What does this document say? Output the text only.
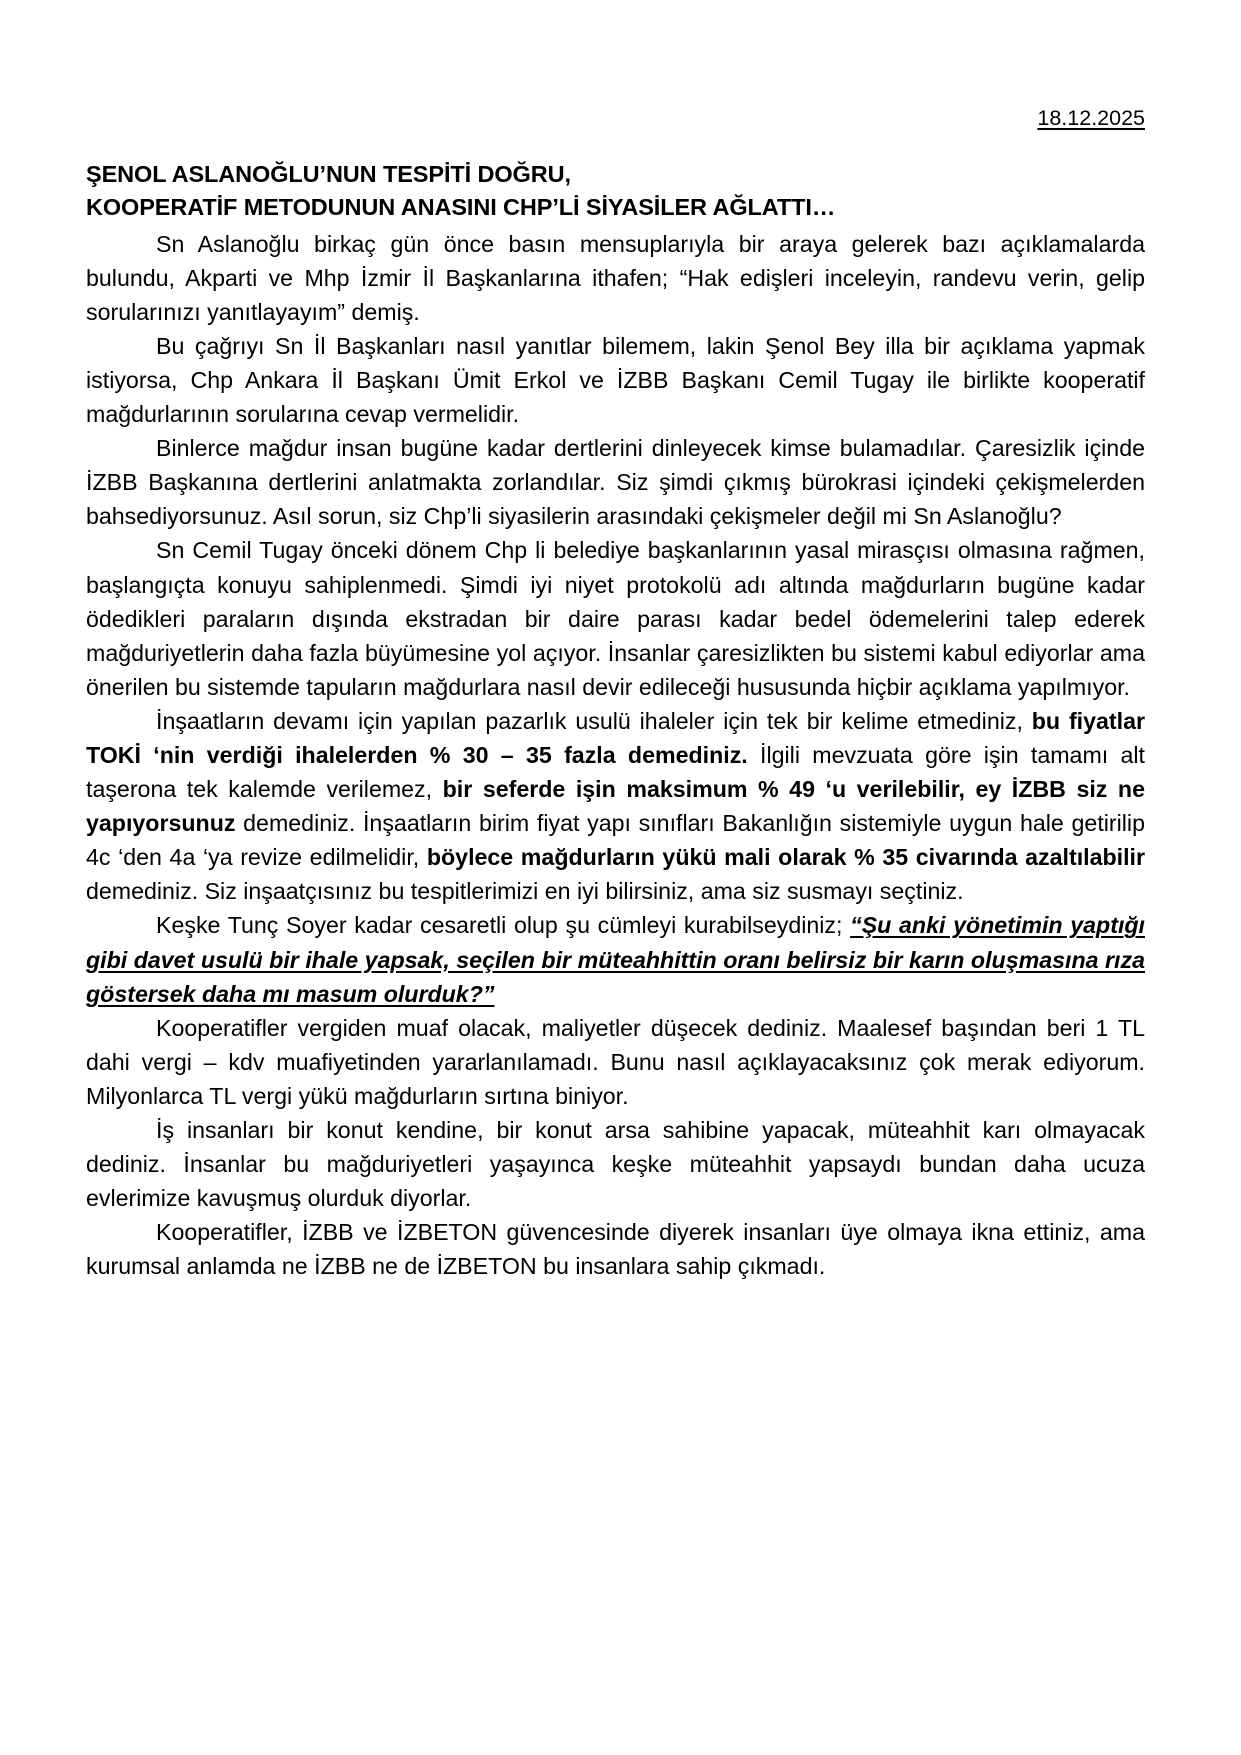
18.12.2025
ŞENOL ASLANOĞLU’NUN TESPİTİ DOĞRU,
KOOPERATİF METODUNUN ANASINI CHP’Lİ SİYASİLER AĞLATTI…

Sn Aslanoğlu birkaç gün önce basın mensuplarıyla bir araya gelerek bazı açıklamalarda bulundu, Akparti ve Mhp İzmir İl Başkanlarına ithafen; “Hak edişleri inceleyin, randevu verin, gelip sorularınızı yanıtlayayım” demiş.

Bu çağrıyı Sn İl Başkanları nasıl yanıtlar bilemem, lakin Şenol Bey illa bir açıklama yapmak istiyorsa, Chp Ankara İl Başkanı Ümit Erkol ve İZBB Başkanı Cemil Tugay ile birlikte kooperatif mağdurlarının sorularına cevap vermelidir.

Binlerce mağdur insan bugüne kadar dertlerini dinleyecek kimse bulamadılar. Çaresizlik içinde İZBB Başkanına dertlerini anlatmakta zorlandılar. Siz şimdi çıkmış bürokrasi içindeki çekişmelerden bahsediyorsunuz. Asıl sorun, siz Chp’li siyasilerin arasındaki çekişmeler değil mi Sn Aslanoğlu?

Sn Cemil Tugay önceki dönem Chp li belediye başkanlarının yasal mirasçısı olmasına rağmen, başlangıçta konuyu sahiplenmedi. Şimdi iyi niyet protokolü adı altında mağdurların bugüne kadar ödedikleri paraların dışında ekstradan bir daire parası kadar bedel ödemelerini talep ederek mağduriyetlerin daha fazla büyümesine yol açıyor. İnsanlar çaresizlikten bu sistemi kabul ediyorlar ama önerilen bu sistemde tapuların mağdurlara nasıl devir edileceği hususunda hiçbir açıklama yapılmıyor.

İnşaatların devamı için yapılan pazarlık usulü ihaleler için tek bir kelime etmediniz, bu fiyatlar TOKİ ‘nin verdiği ihalelerden % 30 – 35 fazla demediniz. İlgili mevzuata göre işin tamamı alt taşerona tek kalemde verilemez, bir seferde işin maksimum % 49 ‘u verilebilir, ey İZBB siz ne yapıyorsunuz demediniz. İnşaatların birim fiyat yapı sınıfları Bakanlığın sistemiyle uygun hale getirilip 4c ‘den 4a ‘ya revize edilmelidir, böylece mağdurların yükü mali olarak % 35 civarında azaltılabilir demediniz. Siz inşaatçısınız bu tespitlerimizi en iyi bilirsiniz, ama siz susmayı seçtiniz.

Keşke Tunç Soyer kadar cesaretli olup şu cümleyi kurabilseydiniz; “Şu anki yönetimin yaptığı gibi davet usulü bir ihale yapsak, seçilen bir müteahhittin oranı belirsiz bir karın oluşmasına rıza göstersek daha mı masum olurduk?”

Kooperatifler vergiden muaf olacak, maliyetler düşecek dediniz. Maalesef başından beri 1 TL dahi vergi – kdv muafiyetinden yararlanılamadı. Bunu nasıl açıklayacaksınız çok merak ediyorum. Milyonlarca TL vergi yükü mağdurların sırtına biniyor.

İş insanları bir konut kendine, bir konut arsa sahibine yapacak, müteahhit karı olmayacak dediniz. İnsanlar bu mağduriyetleri yaşayınca keşke müteahhit yapsaydı bundan daha ucuza evlerimize kavuşmuş olurduk diyorlar.

Kooperatifler, İZBB ve İZBETON güvencesinde diyerek insanları üye olmaya ikna ettiniz, ama kurumsal anlamda ne İZBB ne de İZBETON bu insanlara sahip çıkmadı.
